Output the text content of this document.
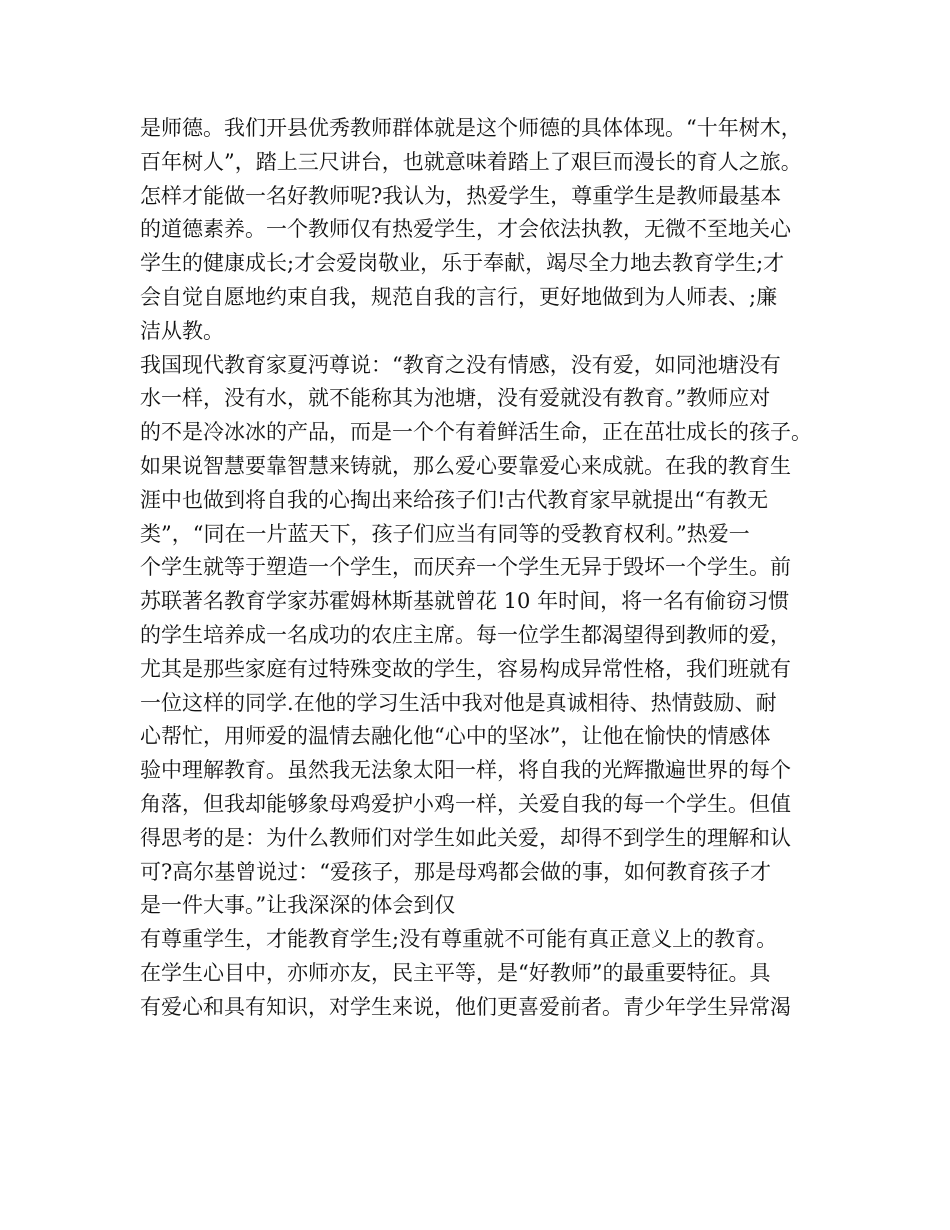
是师德。我们开县优秀教师群体就是这个师德的具体体现。“十年树木，
百年树人”，踏上三尺讲台，也就意味着踏上了艰巨而漫长的育人之旅。
怎样才能做一名好教师呢?我认为，热爱学生，尊重学生是教师最基本
的道德素养。一个教师仅有热爱学生，才会依法执教，无微不至地关心
学生的健康成长;才会爱岗敬业，乐于奉献，竭尽全力地去教育学生;才
会自觉自愿地约束自我，规范自我的言行，更好地做到为人师表、;廉
洁从教。
我国现代教育家夏沔尊说：“教育之没有情感，没有爱，如同池塘没有
水一样，没有水，就不能称其为池塘，没有爱就没有教育。”教师应对
的不是冷冰冰的产品，而是一个个有着鲜活生命，正在茁壮成长的孩子。
如果说智慧要靠智慧来铸就，那么爱心要靠爱心来成就。在我的教育生
涯中也做到将自我的心掏出来给孩子们!古代教育家早就提出“有教无
类”，“同在一片蓝天下，孩子们应当有同等的受教育权利。”热爱一
个学生就等于塑造一个学生，而厌弃一个学生无异于毁坏一个学生。前
苏联著名教育学家苏霍姆林斯基就曾花 10 年时间，将一名有偷窃习惯
的学生培养成一名成功的农庄主席。每一位学生都渴望得到教师的爱，
尤其是那些家庭有过特殊变故的学生，容易构成异常性格，我们班就有
一位这样的同学.在他的学习生活中我对他是真诚相待、热情鼓励、耐
心帮忙，用师爱的温情去融化他“心中的坚冰”，让他在愉快的情感体
验中理解教育。虽然我无法象太阳一样，将自我的光辉撒遍世界的每个
角落，但我却能够象母鸡爱护小鸡一样，关爱自我的每一个学生。但值
得思考的是：为什么教师们对学生如此关爱，却得不到学生的理解和认
可?高尔基曾说过：“爱孩子，那是母鸡都会做的事，如何教育孩子才
是一件大事。”让我深深的体会到仅
有尊重学生，才能教育学生;没有尊重就不可能有真正意义上的教育。
在学生心目中，亦师亦友，民主平等，是“好教师”的最重要特征。具
有爱心和具有知识，对学生来说，他们更喜爱前者。青少年学生异常渴
